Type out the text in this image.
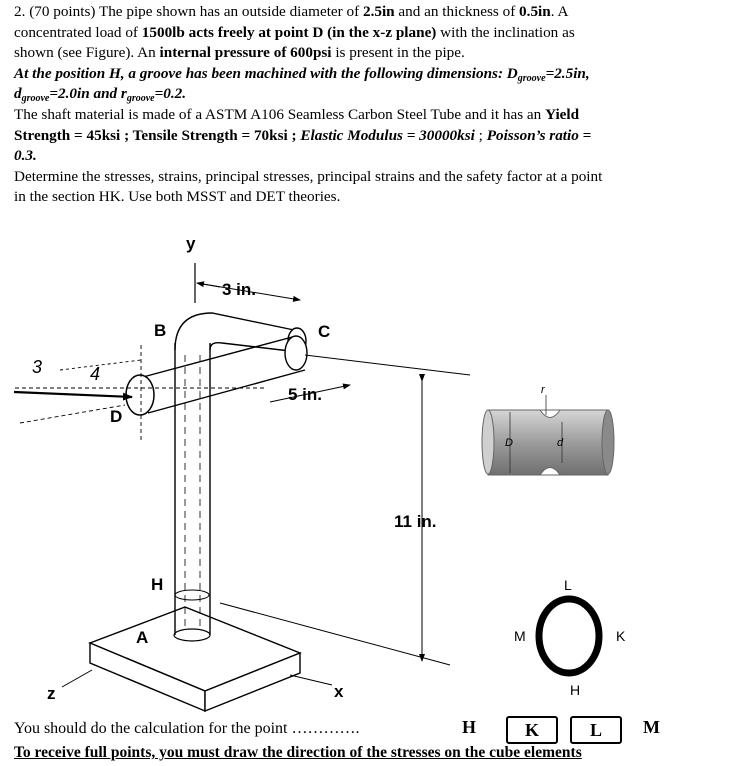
2. (70 points) The pipe shown has an outside diameter of 2.5in and an thickness of 0.5in. A
concentrated load of 1500lb acts freely at point D (in the x-z plane) with the inclination as
shown (see Figure). An internal pressure of 600psi is present in the pipe.
At the position H, a groove has been machined with the following dimensions: $D_{groove}=2.5in$,
$d_{groove}=2.0in$ and $r_{groove}=0.2$.
The shaft material is made of a ASTM A106 Seamless Carbon Steel Tube and it has an Yield
Strength = 45ksi ; Tensile Strength = 70ksi ; Elastic Modulus = 30000ksi ; Poisson’s ratio =
0.3.
Determine the stresses, strains, principal stresses, principal strains and the safety factor at a point
in the section HK. Use both MSST and DET theories.
y
3 in.
3	4
5 in.
11 in.
x
z
B	C
D
H
A
r
D	d
L
K
M
H
You should do the calculation for the point ………….	H	K	L	M
To receive full points, you must draw the direction of the stresses on the cube elements
